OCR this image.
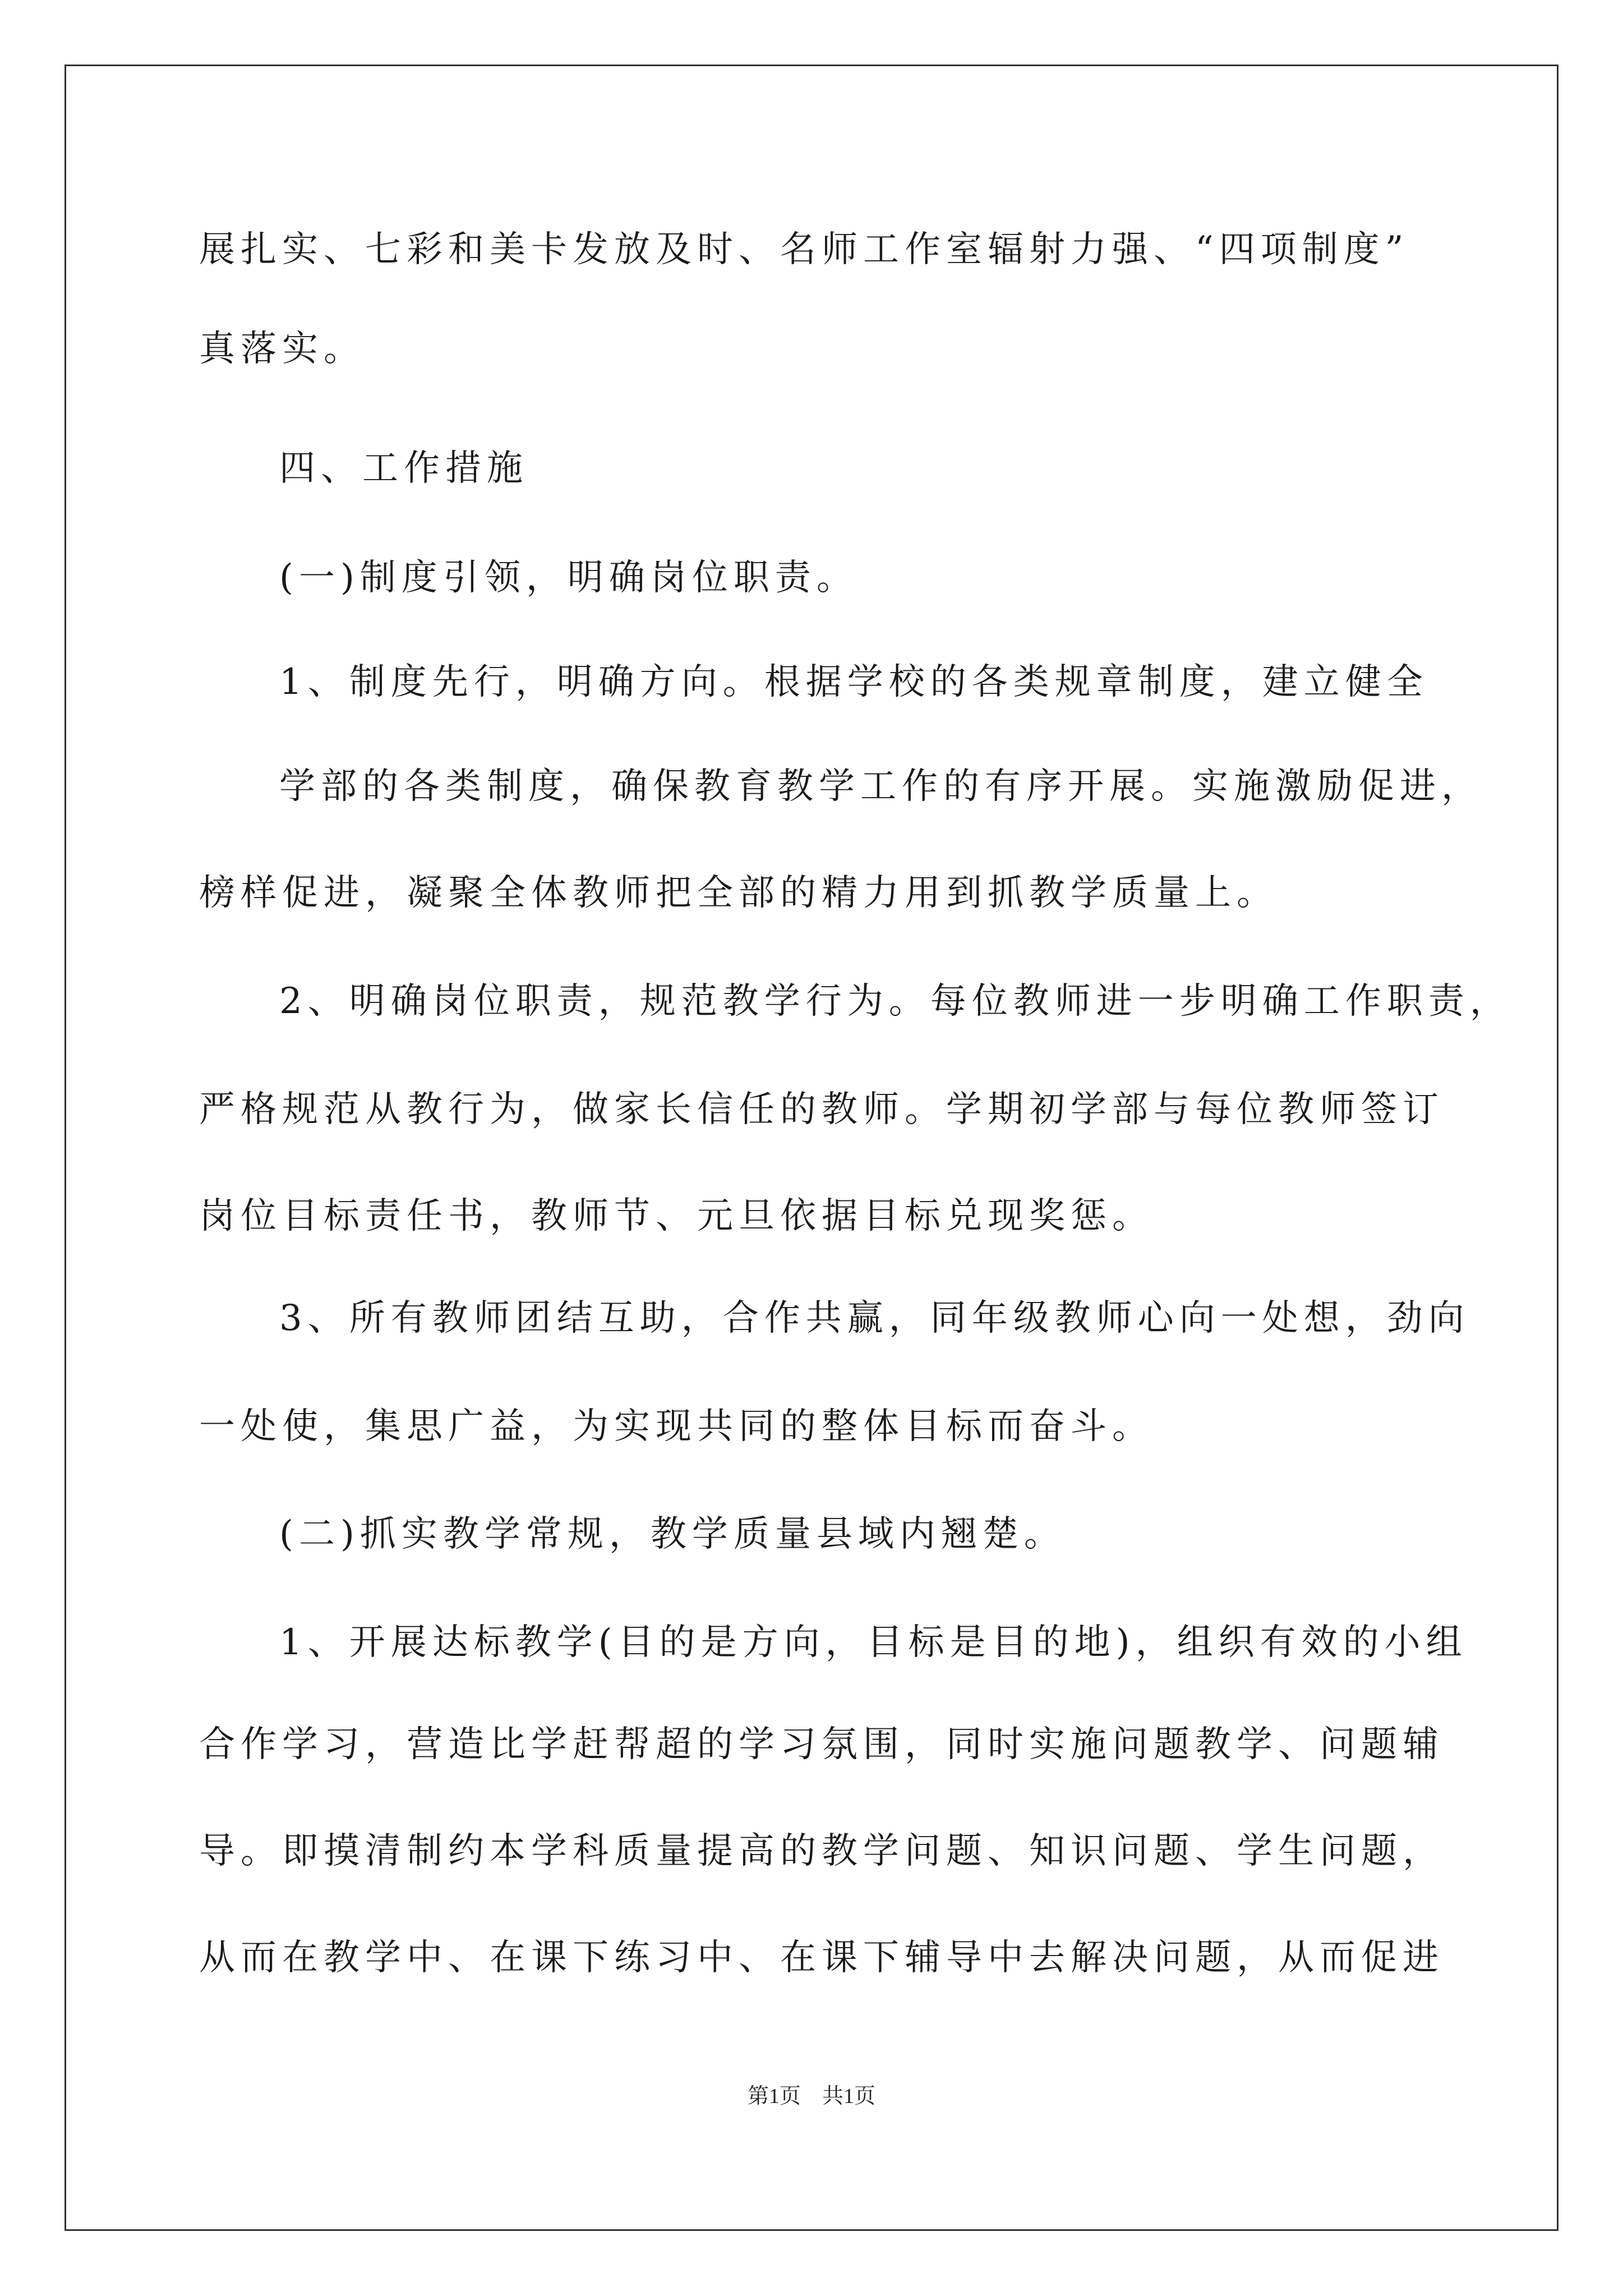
展扎实、七彩和美卡发放及时、名师工作室辐射力强、“四项制度”
真落实。
四、工作措施
(一)制度引领，明确岗位职责。
1、制度先行，明确方向。根据学校的各类规章制度，建立健全
学部的各类制度，确保教育教学工作的有序开展。实施激励促进，
榜样促进，凝聚全体教师把全部的精力用到抓教学质量上。
2、明确岗位职责，规范教学行为。每位教师进一步明确工作职责，
严格规范从教行为，做家长信任的教师。学期初学部与每位教师签订
岗位目标责任书，教师节、元旦依据目标兑现奖惩。
3、所有教师团结互助，合作共赢，同年级教师心向一处想，劲向
一处使，集思广益，为实现共同的整体目标而奋斗。
(二)抓实教学常规，教学质量县域内翘楚。
1、开展达标教学(目的是方向，目标是目的地)，组织有效的小组
合作学习，营造比学赶帮超的学习氛围，同时实施问题教学、问题辅
导。即摸清制约本学科质量提高的教学问题、知识问题、学生问题，
从而在教学中、在课下练习中、在课下辅导中去解决问题，从而促进
第1页　共1页
